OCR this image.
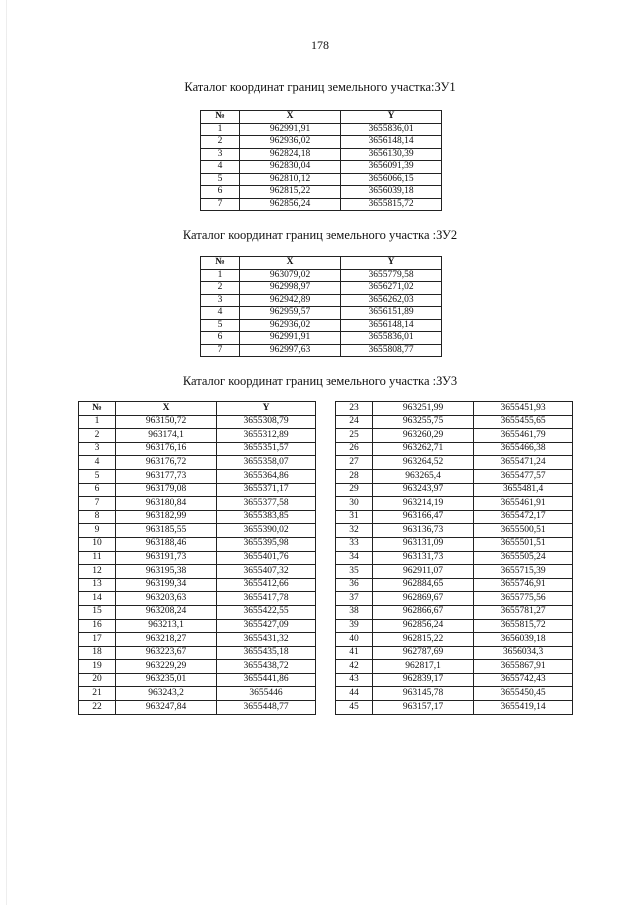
178
Каталог координат границ земельного участка:ЗУ1
№	X	Y
1	962991,91	3655836,01
2	962936,02	3656148,14
3	962824,18	3656130,39
4	962830,04	3656091,39
5	962810,12	3656066,15
6	962815,22	3656039,18
7	962856,24	3655815,72
Каталог координат границ земельного участка :ЗУ2
№	X	Y
1	963079,02	3655779,58
2	962998,97	3656271,02
3	962942,89	3656262,03
4	962959,57	3656151,89
5	962936,02	3656148,14
6	962991,91	3655836,01
7	962997,63	3655808,77
Каталог координат границ земельного участка :ЗУ3
№	X	Y
1	963150,72	3655308,79
2	963174,1	3655312,89
3	963176,16	3655351,57
4	963176,72	3655358,07
5	963177,73	3655364,86
6	963179,08	3655371,17
7	963180,84	3655377,58
8	963182,99	3655383,85
9	963185,55	3655390,02
10	963188,46	3655395,98
11	963191,73	3655401,76
12	963195,38	3655407,32
13	963199,34	3655412,66
14	963203,63	3655417,78
15	963208,24	3655422,55
16	963213,1	3655427,09
17	963218,27	3655431,32
18	963223,67	3655435,18
19	963229,29	3655438,72
20	963235,01	3655441,86
21	963243,2	3655446
22	963247,84	3655448,77
23	963251,99	3655451,93
24	963255,75	3655455,65
25	963260,29	3655461,79
26	963262,71	3655466,38
27	963264,52	3655471,24
28	963265,4	3655477,57
29	963243,97	3655481,4
30	963214,19	3655461,91
31	963166,47	3655472,17
32	963136,73	3655500,51
33	963131,09	3655501,51
34	963131,73	3655505,24
35	962911,07	3655715,39
36	962884,65	3655746,91
37	962869,67	3655775,56
38	962866,67	3655781,27
39	962856,24	3655815,72
40	962815,22	3656039,18
41	962787,69	3656034,3
42	962817,1	3655867,91
43	962839,17	3655742,43
44	963145,78	3655450,45
45	963157,17	3655419,14
